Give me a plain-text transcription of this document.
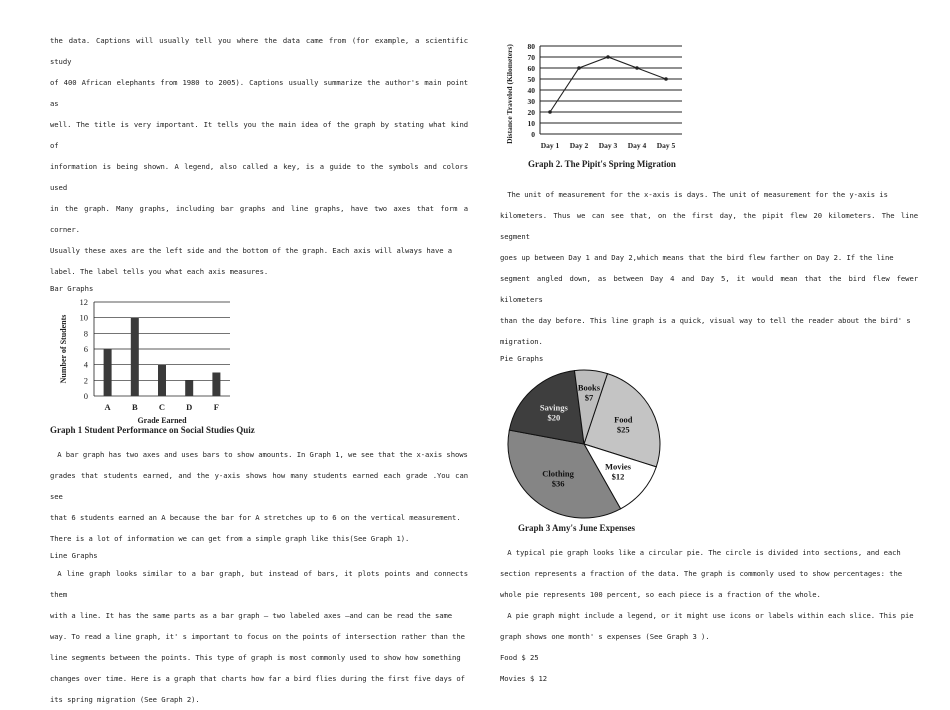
the data. Captions will usually tell you where the data came from (for example, a scientific study

of 400 African elephants from 1980 to 2005). Captions usually summarize the author's main point as

well. The title is very important. It tells you the main idea of the graph by stating what kind of

information is being shown. A legend, also called a key, is a guide to the symbols and colors used

in the graph. Many graphs, including bar graphs and line graphs, have two axes that form a corner.

Usually these axes are the left side and the bottom of the graph. Each axis will always have a

label. The label tells you what each axis measures.

Bar Graphs
0
2
4
6
8
10
12
A	B	C D	F
Grade Earned
Number of Students
Graph 1 Student Performance on Social Studies Quiz

A bar graph has two axes and uses bars to show amounts. In Graph 1, we see that the x-axis shows

grades that students earned, and the y-axis shows how many students earned each grade .You can see

that 6 students earned an A because the bar for A stretches up to 6 on the vertical measurement.

There is a lot of information we can get from a simple graph like this(See Graph 1).

Line Graphs

A line graph looks similar to a bar graph, but instead of bars, it plots points and connects them

with a line. It has the same parts as a bar graph – two labeled axes –and can be read the same

way. To read a line graph, it' s important to focus on the points of intersection rather than the

line segments between the points. This type of graph is most commonly used to show how something

changes over time. Here is a graph that charts how far a bird flies during the first five days of

its spring migration (See Graph 2).

0
10
20
30
40
50
60
70
80
Day 1 Day 2 Day 3 Day 4 Day 5
Distance Traveled (Kilometers)
Graph 2. The Pipit's Spring Migration

The unit of measurement for the x-axis is days. The unit of measurement for the y-axis is

kilometers. Thus we can see that, on the first day, the pipit flew 20 kilometers. The line segment

goes up between Day 1 and Day 2,which means that the bird flew farther on Day 2. If the line

segment angled down, as between Day 4 and Day 5, it would mean that the bird flew fewer kilometers

than the day before. This line graph is a quick, visual way to tell the reader about the bird' s

migration.

Pie Graphs
Food
$25
Movies
$12
Clothing
$36
Savings
$20
Books
$7
Graph 3 Amy's June Expenses

A typical pie graph looks like a circular pie. The circle is divided into sections, and each

section represents a fraction of the data. The graph is commonly used to show percentages: the

whole pie represents 100 percent, so each piece is a fraction of the whole.

A pie graph might include a legend, or it might use icons or labels within each slice. This pie

graph shows one month' s expenses (See Graph 3 ).

Food $ 25

Movies $ 12
